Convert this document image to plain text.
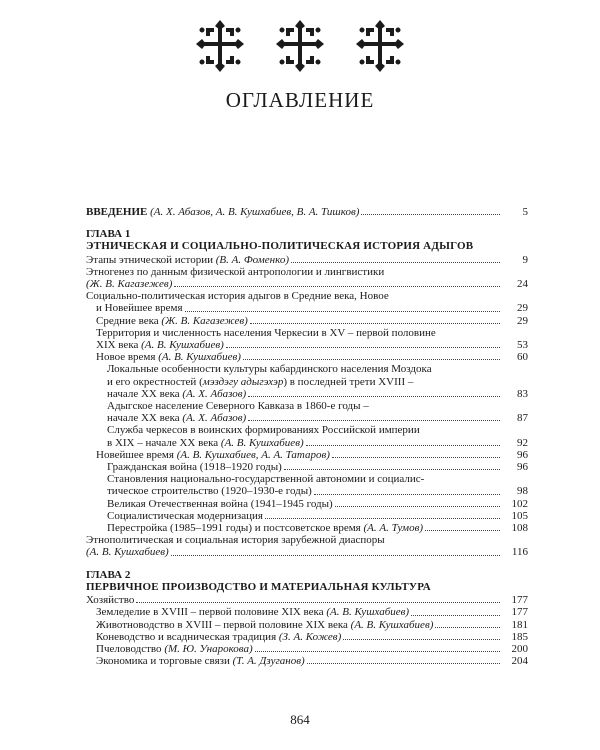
ОГЛАВЛЕНИЕ
ВВЕДЕНИЕ (А. Х. Абазов, А. В. Кушхабиев, В. А. Тишков)	5
ГЛАВА 1
ЭТНИЧЕСКАЯ И СОЦИАЛЬНО-ПОЛИТИЧЕСКАЯ ИСТОРИЯ АДЫГОВ
Этапы этнической истории (В. А. Фоменко)	9
Этногенез по данным физической антропологии и лингвистики
(Ж. В. Кагазежев)	24
Социально-политическая история адыгов в Средние века, Новое
и Новейшее время	29
Средние века (Ж. В. Кагазежев)	29
Территория и численность населения Черкесии в XV – первой половине
XIX века (А. В. Кушхабиев)	53
Новое время (А. В. Кушхабиев)	60
Локальные особенности культуры кабардинского населения Моздока
и его окрестностей (мэздэгу адыгэхэр) в последней трети XVIII –
начале XX века (А. Х. Абазов)	83
Адыгское население Северного Кавказа в 1860-е годы –
начале XX века (А. Х. Абазов)	87
Служба черкесов в воинских формированиях Российской империи
в XIX – начале XX века (А. В. Кушхабиев)	92
Новейшее время (А. В. Кушхабиев, А. А. Татаров)	96
Гражданская война (1918–1920 годы)	96
Становления национально-государственной автономии и социалис-
тическое строительство (1920–1930-е годы)	98
Великая Отечественная война (1941–1945 годы)	102
Социалистическая модернизация	105
Перестройка (1985–1991 годы) и постсоветское время (А. А. Тумов)	108
Этнополитическая и социальная история зарубежной диаспоры
(А. В. Кушхабиев)	116
ГЛАВА 2
ПЕРВИЧНОЕ ПРОИЗВОДСТВО И МАТЕРИАЛЬНАЯ КУЛЬТУРА
Хозяйство	177
Земледелие в XVIII – первой половине XIX века (А. В. Кушхабиев)	177
Животноводство в XVIII – первой половине XIX века (А. В. Кушхабиев)	181
Коневодство и всадническая традиция (З. А. Кожев)	185
Пчеловодство (М. Ю. Унарокова)	200
Экономика и торговые связи (Т. А. Дзуганов)	204
864
